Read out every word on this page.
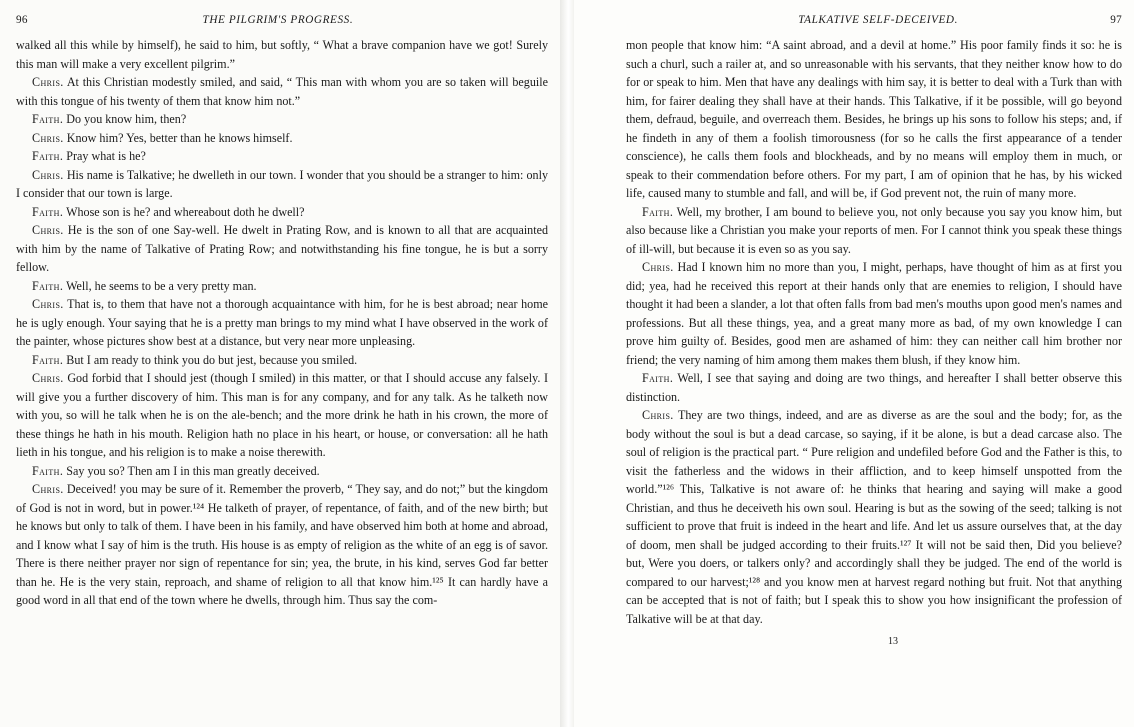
96	THE PILGRIM'S PROGRESS.

walked all this while by himself), he said to him, but softly, “ What a brave companion have we got! Surely this man will make a very excellent pilgrim.”

Chris. At this Christian modestly smiled, and said, “ This man with whom you are so taken will beguile with this tongue of his twenty of them that know him not.”

Faith. Do you know him, then?

Chris. Know him? Yes, better than he knows himself.

Faith. Pray what is he?

Chris. His name is Talkative; he dwelleth in our town. I wonder that you should be a stranger to him: only I consider that our town is large.

Faith. Whose son is he? and whereabout doth he dwell?

Chris. He is the son of one Say-well. He dwelt in Prating Row, and is known to all that are acquainted with him by the name of Talkative of Prating Row; and notwithstanding his fine tongue, he is but a sorry fellow.

Faith. Well, he seems to be a very pretty man.

Chris. That is, to them that have not a thorough acquaintance with him, for he is best abroad; near home he is ugly enough. Your saying that he is a pretty man brings to my mind what I have observed in the work of the painter, whose pictures show best at a distance, but very near more unpleasing.

Faith. But I am ready to think you do but jest, because you smiled.

Chris. God forbid that I should jest (though I smiled) in this matter, or that I should accuse any falsely. I will give you a further discovery of him. This man is for any company, and for any talk. As he talketh now with you, so will he talk when he is on the ale-bench; and the more drink he hath in his crown, the more of these things he hath in his mouth. Religion hath no place in his heart, or house, or conversation: all he hath lieth in his tongue, and his religion is to make a noise therewith.

Faith. Say you so? Then am I in this man greatly deceived.

Chris. Deceived! you may be sure of it. Remember the proverb, “ They say, and do not;” but the kingdom of God is not in word, but in power.¹²⁴ He talketh of prayer, of repentance, of faith, and of the new birth; but he knows but only to talk of them. I have been in his family, and have observed him both at home and abroad, and I know what I say of him is the truth. His house is as empty of religion as the white of an egg is of savor. There is there neither prayer nor sign of repentance for sin; yea, the brute, in his kind, serves God far better than he. He is the very stain, reproach, and shame of religion to all that know him.¹²⁵ It can hardly have a good word in all that end of the town where he dwells, through him. Thus say the com-

TALKATIVE SELF-DECEIVED.	97

mon people that know him: “A saint abroad, and a devil at home.” His poor family finds it so: he is such a churl, such a railer at, and so unreasonable with his servants, that they neither know how to do for or speak to him. Men that have any dealings with him say, it is better to deal with a Turk than with him, for fairer dealing they shall have at their hands. This Talkative, if it be possible, will go beyond them, defraud, beguile, and overreach them. Besides, he brings up his sons to follow his steps; and, if he findeth in any of them a foolish timorousness (for so he calls the first appearance of a tender conscience), he calls them fools and blockheads, and by no means will employ them in much, or speak to their commendation before others. For my part, I am of opinion that he has, by his wicked life, caused many to stumble and fall, and will be, if God prevent not, the ruin of many more.

Faith. Well, my brother, I am bound to believe you, not only because you say you know him, but also because like a Christian you make your reports of men. For I cannot think you speak these things of ill-will, but because it is even so as you say.

Chris. Had I known him no more than you, I might, perhaps, have thought of him as at first you did; yea, had he received this report at their hands only that are enemies to religion, I should have thought it had been a slander, a lot that often falls from bad men's mouths upon good men's names and professions. But all these things, yea, and a great many more as bad, of my own knowledge I can prove him guilty of. Besides, good men are ashamed of him: they can neither call him brother nor friend; the very naming of him among them makes them blush, if they know him.

Faith. Well, I see that saying and doing are two things, and hereafter I shall better observe this distinction.

Chris. They are two things, indeed, and are as diverse as are the soul and the body; for, as the body without the soul is but a dead carcase, so saying, if it be alone, is but a dead carcase also. The soul of religion is the practical part. “ Pure religion and undefiled before God and the Father is this, to visit the fatherless and the widows in their affliction, and to keep himself unspotted from the world.”¹²⁶ This, Talkative is not aware of: he thinks that hearing and saying will make a good Christian, and thus he deceiveth his own soul. Hearing is but as the sowing of the seed; talking is not sufficient to prove that fruit is indeed in the heart and life. And let us assure ourselves that, at the day of doom, men shall be judged according to their fruits.¹²⁷ It will not be said then, Did you believe? but, Were you doers, or talkers only? and accordingly shall they be judged. The end of the world is compared to our harvest;¹²⁸ and you know men at harvest regard nothing but fruit. Not that anything can be accepted that is not of faith; but I speak this to show you how insignificant the profession of Talkative will be at that day.

13
